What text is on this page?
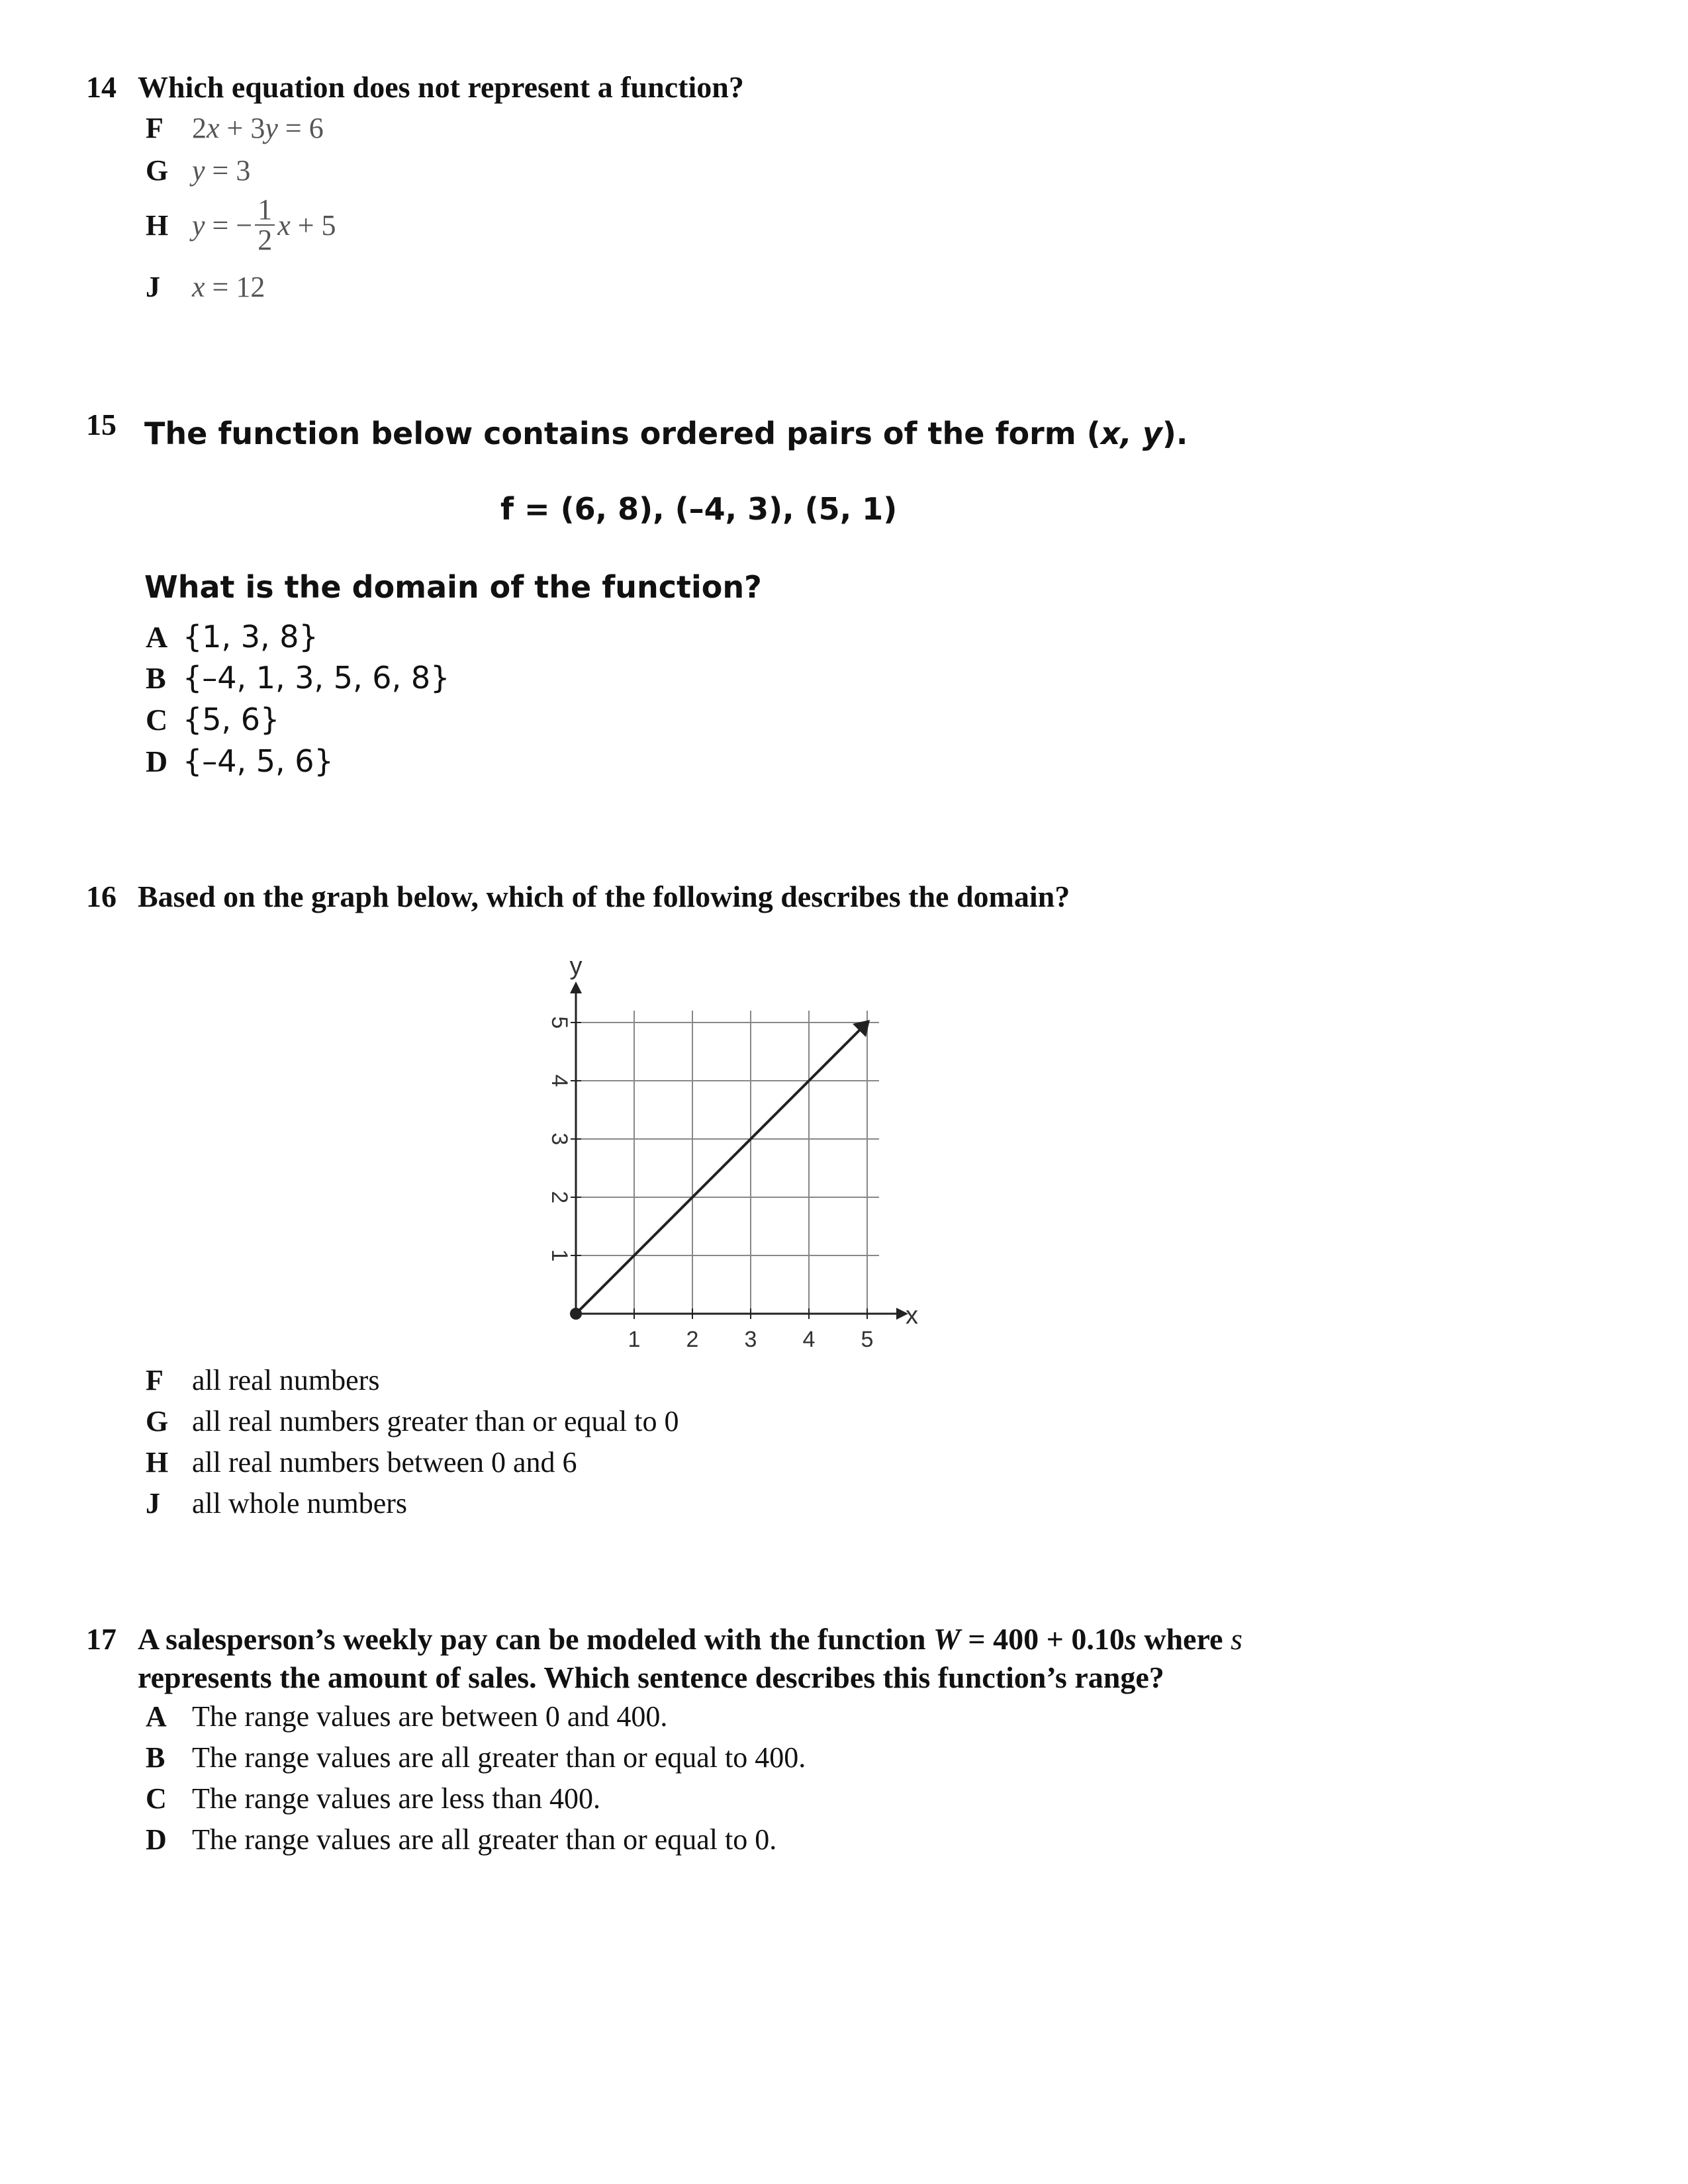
14 Which equation does not represent a function?
F 2x + 3y = 6
G y = 3
H y
=
− $\frac{1}{2}$ x
+
5
J x = 12
15 The function below contains ordered pairs of the form (x, y).
f = (6, 8), (–4, 3), (5, 1)
What is the domain of the function?
A {1, 3, 8}
B {–4, 1, 3, 5, 6, 8}
C {5, 6}
D {–4, 5, 6}
16 Based on the graph below, which of the following describes the domain?
1 2 3 4 5
1
2
3
4
5
x
y
F all real numbers
G all real numbers greater than or equal to 0
H all real numbers between 0 and 6
J all whole numbers
17 A salesperson’s weekly pay can be modeled with the function W = 400 + 0.10s where s
represents the amount of sales. Which sentence describes this function’s range?
A The range values are between 0 and 400.
B The range values are all greater than or equal to 400.
C The range values are less than 400.
D The range values are all greater than or equal to 0.
